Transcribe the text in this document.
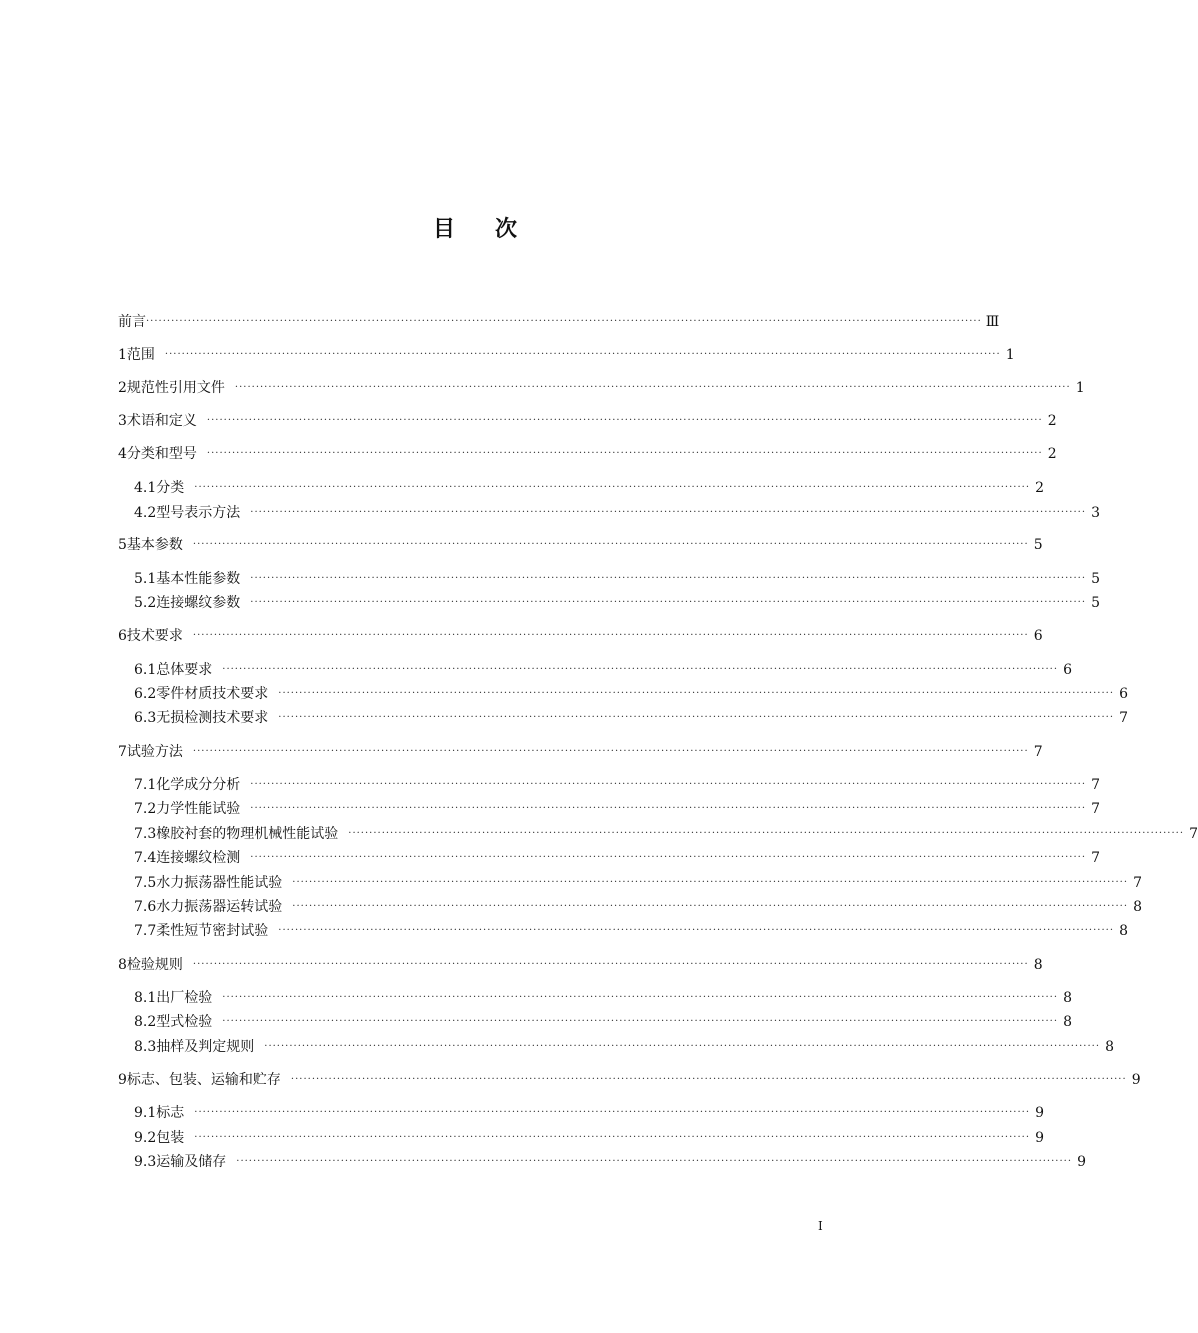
目 次
前言 ········································································································································································································ Ⅲ
1 范围	········································································································································································································ 1
2 规范性引用文件	········································································································································································································ 1
3 术语和定义	········································································································································································································ 2
4 分类和型号	········································································································································································································ 2
4.1 分类	········································································································································································································ 2
4.2 型号表示方法	········································································································································································································ 3
5 基本参数	········································································································································································································ 5
5.1 基本性能参数	········································································································································································································ 5
5.2 连接螺纹参数	········································································································································································································ 5
6 技术要求	········································································································································································································ 6
6.1 总体要求	········································································································································································································ 6
6.2 零件材质技术要求	········································································································································································································ 6
6.3 无损检测技术要求	········································································································································································································ 7
7 试验方法	········································································································································································································ 7
7.1 化学成分分析	········································································································································································································ 7
7.2 力学性能试验	········································································································································································································ 7
7.3 橡胶衬套的物理机械性能试验	········································································································································································································ 7
7.4 连接螺纹检测	········································································································································································································ 7
7.5 水力振荡器性能试验	········································································································································································································ 7
7.6 水力振荡器运转试验	········································································································································································································ 8
7.7 柔性短节密封试验	········································································································································································································ 8
8 检验规则	········································································································································································································ 8
8.1 出厂检验	········································································································································································································ 8
8.2 型式检验	········································································································································································································ 8
8.3 抽样及判定规则	········································································································································································································ 8
9 标志、包装、运输和贮存	········································································································································································································ 9
9.1 标志	········································································································································································································ 9
9.2 包装	········································································································································································································ 9
9.3 运输及储存	········································································································································································································ 9
I
